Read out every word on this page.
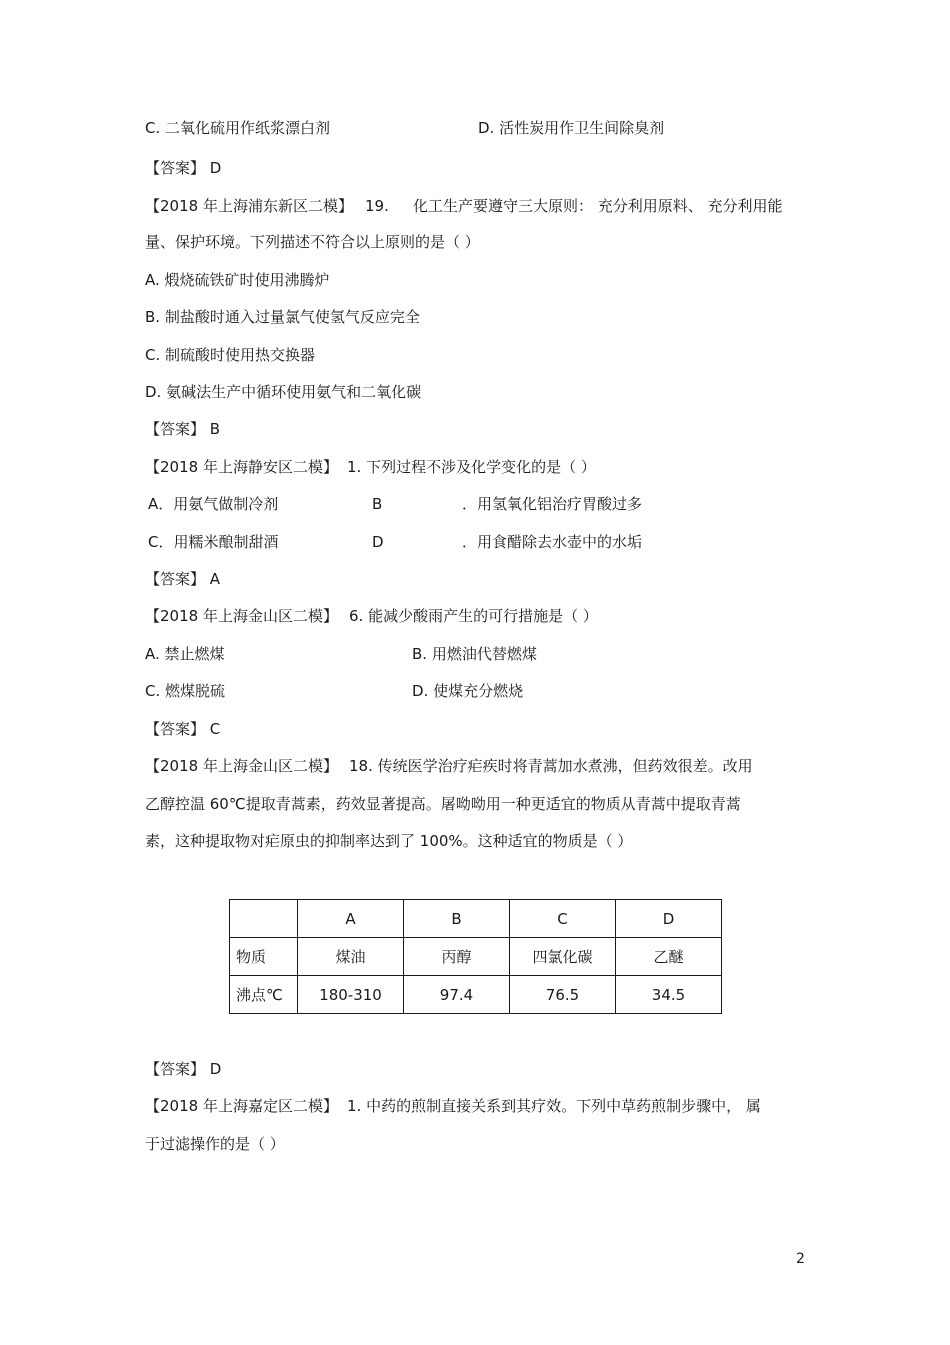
C. 二氧化硫用作纸浆漂白剂	D. 活性炭用作卫生间除臭剂
【答案】 D
【2018 年上海浦东新区二模】 19. 化工生产要遵守三大原则： 充分利用原料、 充分利用能
量、保护环境。下列描述不符合以上原则的是（ ）
A. 煅烧硫铁矿时使用沸腾炉
B. 制盐酸时通入过量氯气使氢气反应完全
C. 制硫酸时使用热交换器
D. 氨碱法生产中循环使用氨气和二氧化碳
【答案】 B
【2018 年上海静安区二模】 1. 下列过程不涉及化学变化的是（ ）
A．用氨气做制冷剂	B	．用氢氧化铝治疗胃酸过多
C．用糯米酿制甜酒	D	．用食醋除去水壶中的水垢
【答案】 A
【2018 年上海金山区二模】 6. 能减少酸雨产生的可行措施是（ ）
A. 禁止燃煤	B. 用燃油代替燃煤
C. 燃煤脱硫	D. 使煤充分燃烧
【答案】 C
【2018 年上海金山区二模】 18. 传统医学治疗疟疾时将青蒿加水煮沸，但药效很差。改用
乙醇控温 60℃提取青蒿素，药效显著提高。屠呦呦用一种更适宜的物质从青蒿中提取青蒿
素，这种提取物对疟原虫的抑制率达到了 100%。这种适宜的物质是（ ）
	A	B	C	D
物质	煤油	丙醇	四氯化碳	乙醚
沸点℃	180-310	97.4	76.5	34.5
【答案】 D
【2018 年上海嘉定区二模】 1. 中药的煎制直接关系到其疗效。下列中草药煎制步骤中， 属
于过滤操作的是（ ）
2
